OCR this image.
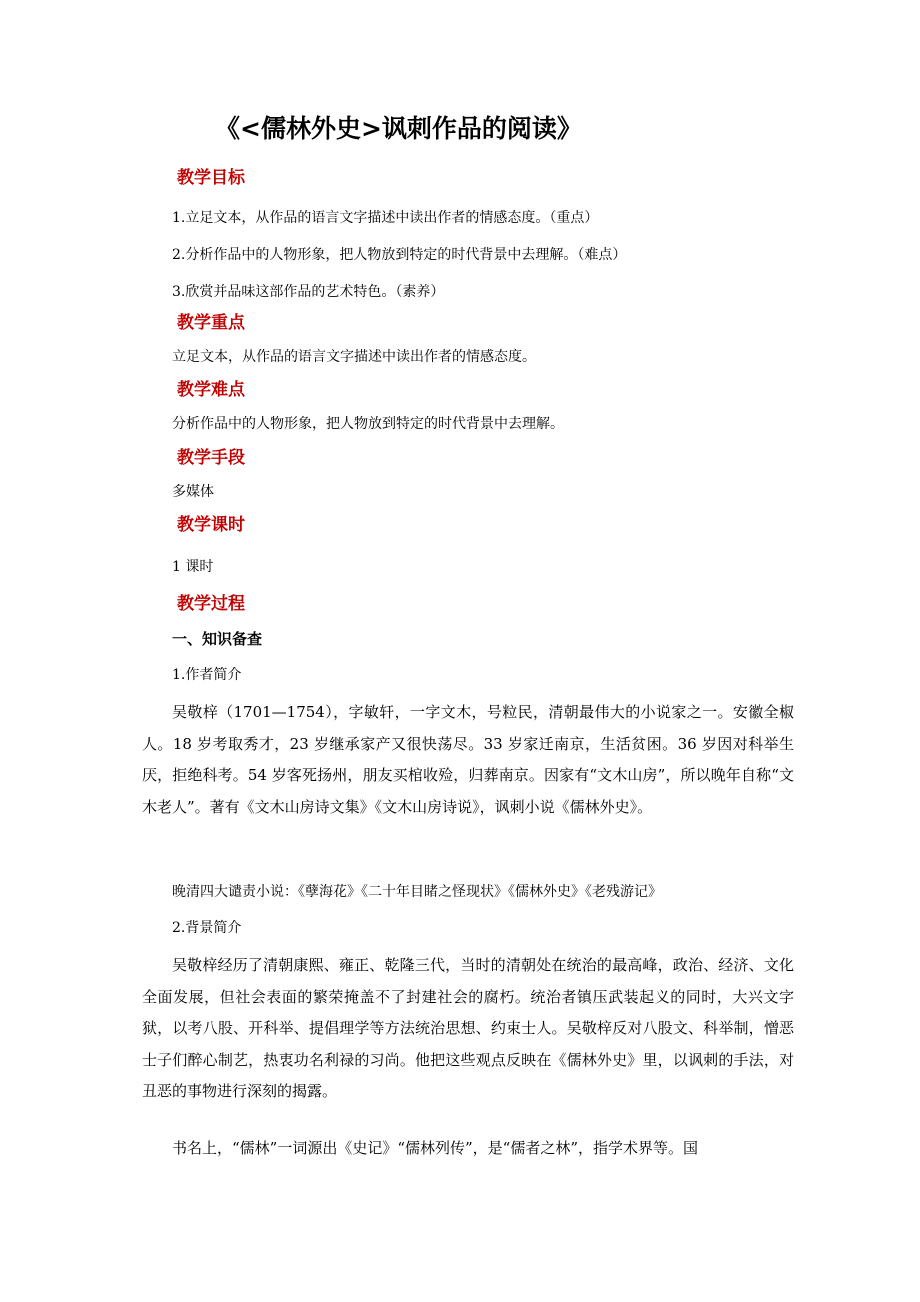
《<儒林外史>讽刺作品的阅读》
教学目标
1.立足文本，从作品的语言文字描述中读出作者的情感态度。（重点）
2.分析作品中的人物形象，把人物放到特定的时代背景中去理解。（难点）
3.欣赏并品味这部作品的艺术特色。（素养）
教学重点
立足文本，从作品的语言文字描述中读出作者的情感态度。
教学难点
分析作品中的人物形象，把人物放到特定的时代背景中去理解。
教学手段
多媒体
教学课时
1 课时
教学过程
一、知识备查
1.作者简介

吴敬梓（1701—1754），字敏轩，一字文木，号粒民，清朝最伟大的小说家之一。安徽全椒人。18 岁考取秀才，23 岁继承家产又很快荡尽。33 岁家迁南京，生活贫困。36 岁因对科举生厌，拒绝科考。54 岁客死扬州，朋友买棺收殓，归葬南京。因家有“文木山房”，所以晚年自称“文木老人”。著有《文木山房诗文集》《文木山房诗说》，讽刺小说《儒林外史》。

晚清四大谴责小说：《孽海花》《二十年目睹之怪现状》《儒林外史》《老残游记》
2.背景简介

吴敬梓经历了清朝康熙、雍正、乾隆三代，当时的清朝处在统治的最高峰，政治、经济、文化全面发展，但社会表面的繁荣掩盖不了封建社会的腐朽。统治者镇压武装起义的同时，大兴文字狱，以考八股、开科举、提倡理学等方法统治思想、约束士人。吴敬梓反对八股文、科举制，憎恶士子们醉心制艺，热衷功名利禄的习尚。他把这些观点反映在《儒林外史》里，以讽刺的手法，对丑恶的事物进行深刻的揭露。

书名上，“儒林”一词源出《史记》“儒林列传”，是“儒者之林”，指学术界等。国
